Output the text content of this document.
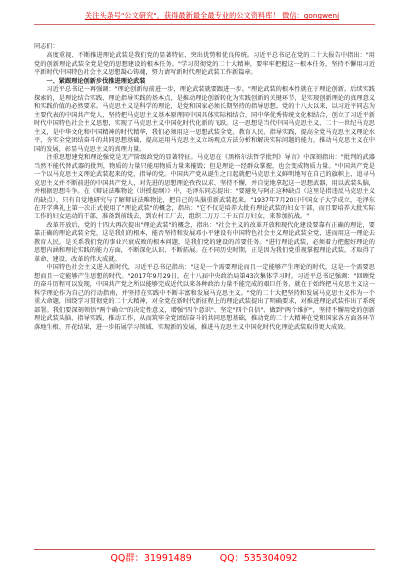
关注头条号"公文研究"，获得最新最全最专业的公文资料库！ 微信：gongwenj

同志们：

高度重视、不断推进理论武装是我们党的显著特征、突出优势和优良传统。习近平总书记在党的二十大报告中指出："用党的创新理论武装全党是党的思想建设的根本任务。"学习贯彻党的二十大精神，要牢牢把握这一根本任务，坚持不懈用习近平新时代中国特色社会主义思想凝心铸魂，努力请写新时代理论武装工作新篇章。

一、紧跟理论创新步伐推进理论武装

习近平总书记一再强调："理论创新每前进一步，理论武装就要跟进一步。"理论武装的根本性就在于理论创新。后续实践探索的，是理论结合实践、理论指导实践的基本点，是推动理论创新转化为实践创新的关键环节，是实现创新理论的真理意义和实践价值的必然要求。马克思主义是科学的理论，是党和国家必须长期坚持的指导思想。党的十八大以来，以习近平同志为主要代表的中国共产党人，坚持把马克思主义基本原理同中国具体实际相结合、同中华优秀传统文化相结合，创立了习近平新时代中国特色社会主义思想，实现了马克思主义中国化时代化新的飞跃。这一思想是当代中国马克思主义、二十一世纪马克思主义，是中华文化和中国精神的时代精华，我们必须用这一思想武装全党、教育人民、指导实践，提高全党马克思主义理论水平，夯实全党团结奋斗的共同思想基础，提高运用马克思主义立场观点方法分析和解决实际问题的能力，推动马克思主义在中国的发展，彰显马克思主义的真理力量。

注重思想建党和理论强党是无产阶级政党的显著特征。马克思在《黑格尔法哲学批判》导言》中深刻指出："批判的武器当然不能代替武器的批判，物质的力量只能用物质力量来摧毁；但是理论一经群众掌握，也会变成物质力量。"中国共产党是一个以马克思主义理论武装起来的党，指导的党。中国共产党从诞生之日起就把马克思主义鲜明地写在自己的旗帜上，追寻马克思主义并不断前进的中国共产党人，对先进的思想理论孜孜以求、坚持不懈，并自觉地拿起这一思想武器，用以武装头脑，并根据思想斗争。在《辩证法唯物论（讲授提纲）》中，毛泽东同志提出："要避免与阿正这种缺点（这里是指违反马克思主义的缺点），只有自觉地研究与了解辩证法唯物论，把自己的头脑重新武装起来。"1937年7月20日中国女子大学成立，毛泽东在开学典礼上第一次正式使用了"理论武装"的概念，指出："它不仅是培养大批有理论武装的妇女干部，而且要培养大批实际工作的妇女运动的干部，准备到前线去，到农村工厂去，组织二万万二千五百万妇女，来参加抗战。"

改革开放后，党的十四大再次提出"理论武装"的概念，指出："社会主义的改革开放和现代化建设要靠有正确的理论，要靠正确的理论武装全党，这是我们的根本，能否坚持和发展邓小平建设有中国特色社会主义理论武装全党，进而用这一理论去教育人民，是关系我们党的事业兴衰成败的根本问题，是我们党的建设的首要任务。"进行理论武装，必须着力把握好理论的思想内涵和理论实践的能力方面，不断深化认识、不断拓展。在不同历史时期，正是因为我们党重视掌握理论武装，才取得了革命、建设、改革的伟大成就。

中国特色社会主义进入新时代，习近平总书记指出："这是一个需要理论而且一定能够产生理论的时代，这是一个需要思想而且一定能够产生思想的时代。"2017年9月29日，在十八届中央政治局第43次集体学习时，习近平总书记强调："回顾党的奋斗历程可以发现，中国共产党之所以能够完成近代以来各种政治力量不能完成的艰巨任务，就在于始终把马克思主义这一科学理论作为自己的行动指南，并坚持在实践中不断丰富和发展马克思主义。"党的二十大把坚持和发展马克思主义作为一个重大命题，围绕学习贯彻党的二十大精神，对全党在新时代新征程上的理论武装提出了明确要求，对推进理论武装作出了系统部署。我们要深刻领悟"两个确立"的决定性意义，增强"四个意识"、坚定"四个自信"、做到"两个维护"，坚持不懈用党的创新理论武装头脑、指导实践、推动工作，从而筑牢全党团结奋斗的共同思想基础，推动党的二十大精神在党和国家各方面各环节落地生根、开花结果，进一步拓展学习领域、实现新的发展，推进马克思主义中国化时代化理论武装取得更大成效。

QQ群：31991489	QQ：535304092
